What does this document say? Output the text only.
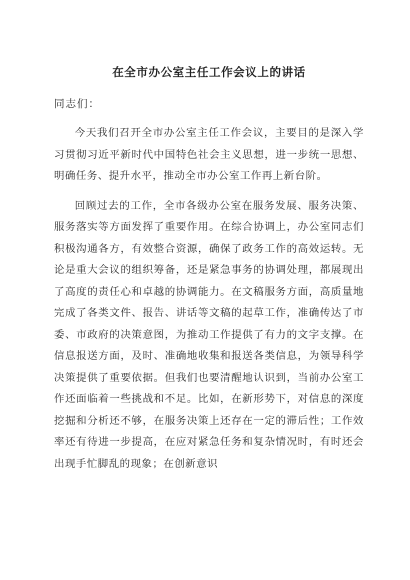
在全市办公室主任工作会议上的讲话
同志们：

今天我们召开全市办公室主任工作会议，主要目的是深入学习贯彻习近平新时代中国特色社会主义思想，进一步统一思想、明确任务、提升水平，推动全市办公室工作再上新台阶。

回顾过去的工作，全市各级办公室在服务发展、服务决策、服务落实等方面发挥了重要作用。在综合协调上，办公室同志们积极沟通各方，有效整合资源，确保了政务工作的高效运转。无论是重大会议的组织筹备，还是紧急事务的协调处理，都展现出了高度的责任心和卓越的协调能力。在文稿服务方面，高质量地完成了各类文件、报告、讲话等文稿的起草工作，准确传达了市委、市政府的决策意图，为推动工作提供了有力的文字支撑。在信息报送方面，及时、准确地收集和报送各类信息，为领导科学决策提供了重要依据。但我们也要清醒地认识到，当前办公室工作还面临着一些挑战和不足。比如，在新形势下，对信息的深度挖掘和分析还不够，在服务决策上还存在一定的滞后性；工作效率还有待进一步提高，在应对紧急任务和复杂情况时，有时还会出现手忙脚乱的现象；在创新意识
